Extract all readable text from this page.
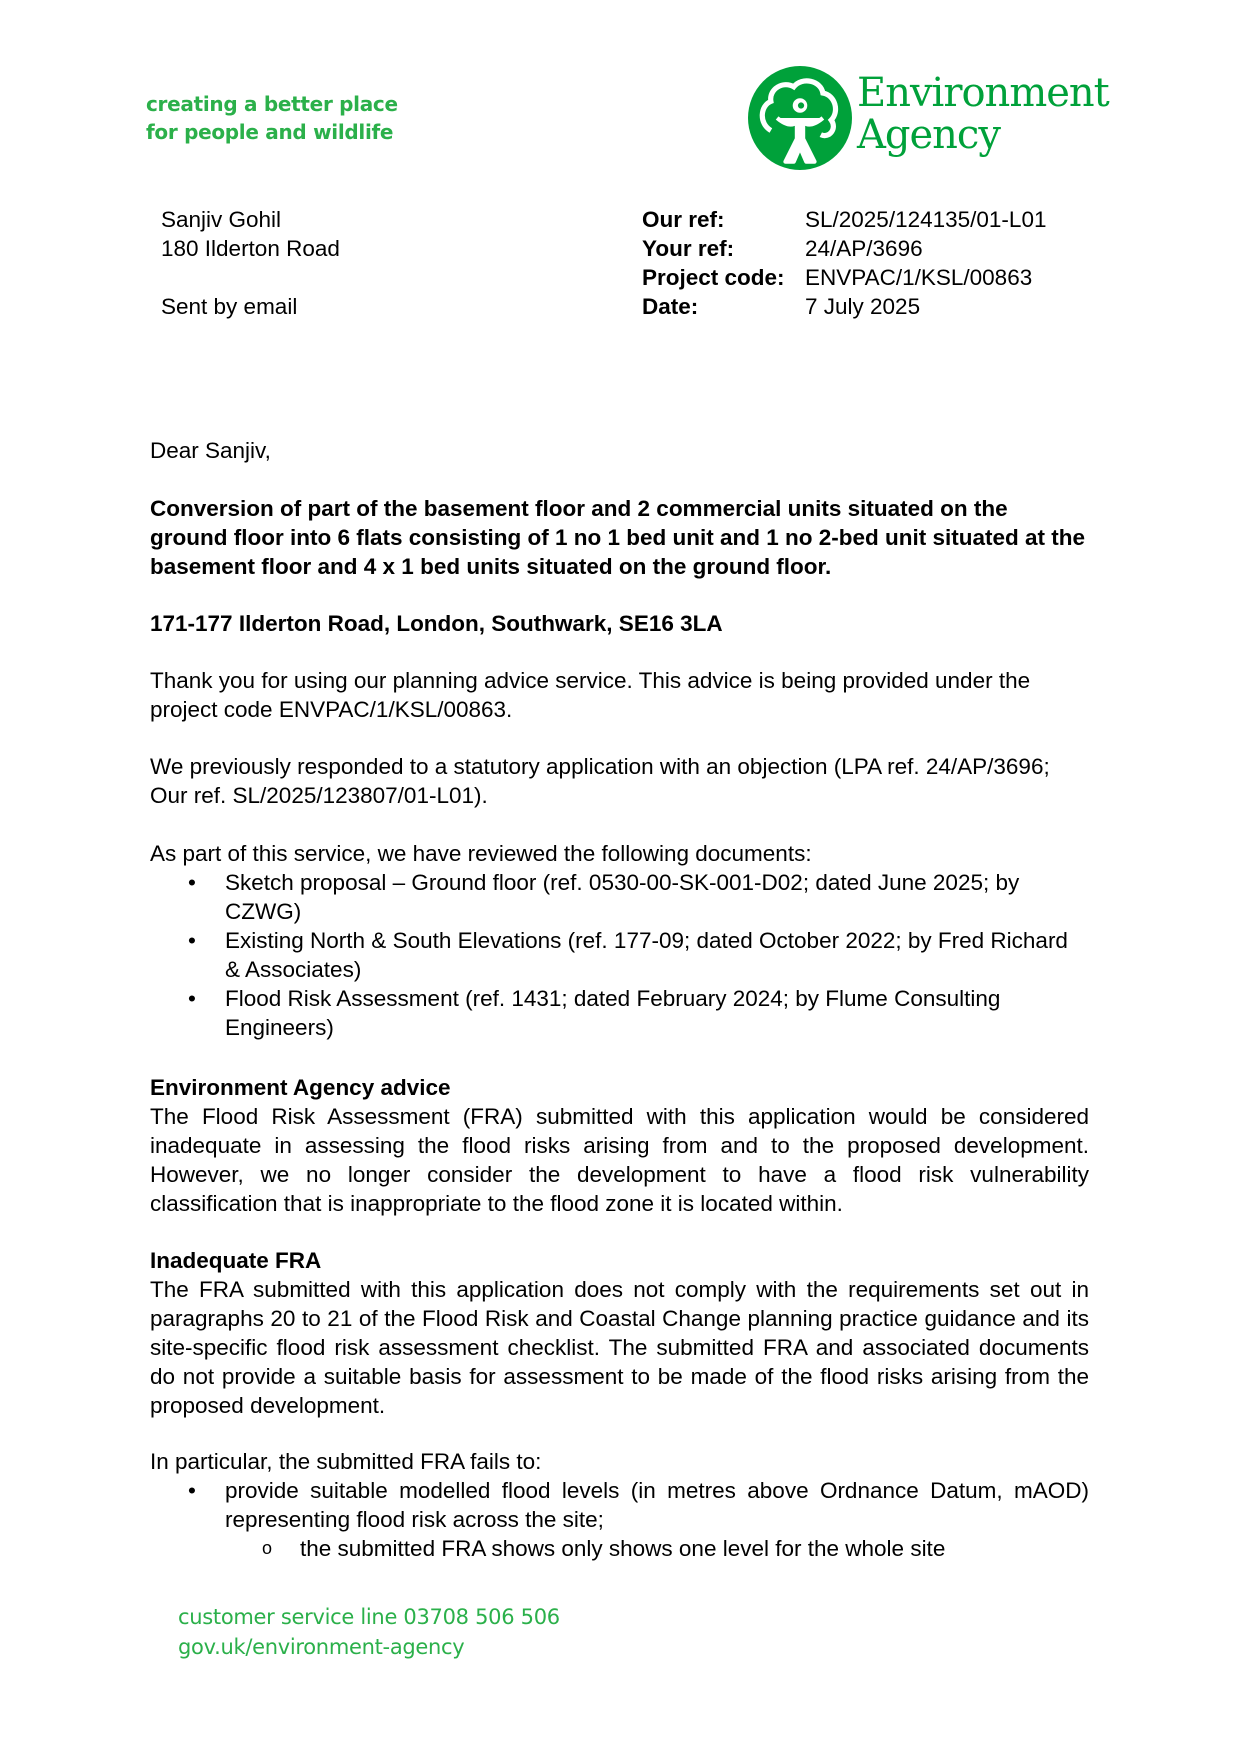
creating a better place
for people and wildlife
Environment
Agency
Sanjiv Gohil
180 Ilderton Road
Sent by email
Our ref:	SL/2025/124135/01-L01
Your ref:	24/AP/3696
Project code: ENVPAC/1/KSL/00863
Date:	7 July 2025
Dear Sanjiv,
Conversion of part of the basement floor and 2 commercial units situated on the ground floor into 6 flats consisting of 1 no 1 bed unit and 1 no 2-bed unit situated at the basement floor and 4 x 1 bed units situated on the ground floor.
171-177 Ilderton Road, London, Southwark, SE16 3LA
Thank you for using our planning advice service. This advice is being provided under the project code ENVPAC/1/KSL/00863.
We previously responded to a statutory application with an objection (LPA ref. 24/AP/3696; Our ref. SL/2025/123807/01-L01).
As part of this service, we have reviewed the following documents:
• Sketch proposal – Ground floor (ref. 0530-00-SK-001-D02; dated June 2025; by CZWG)
• Existing North & South Elevations (ref. 177-09; dated October 2022; by Fred Richard & Associates)
• Flood Risk Assessment (ref. 1431; dated February 2024; by Flume Consulting Engineers)
Environment Agency advice
The Flood Risk Assessment (FRA) submitted with this application would be considered inadequate in assessing the flood risks arising from and to the proposed development. However, we no longer consider the development to have a flood risk vulnerability classification that is inappropriate to the flood zone it is located within.
Inadequate FRA
The FRA submitted with this application does not comply with the requirements set out in paragraphs 20 to 21 of the Flood Risk and Coastal Change planning practice guidance and its site-specific flood risk assessment checklist. The submitted FRA and associated documents do not provide a suitable basis for assessment to be made of the flood risks arising from the proposed development.
In particular, the submitted FRA fails to:
• provide suitable modelled flood levels (in metres above Ordnance Datum, mAOD) representing flood risk across the site;
o the submitted FRA shows only shows one level for the whole site
customer service line 03708 506 506
gov.uk/environment-agency
